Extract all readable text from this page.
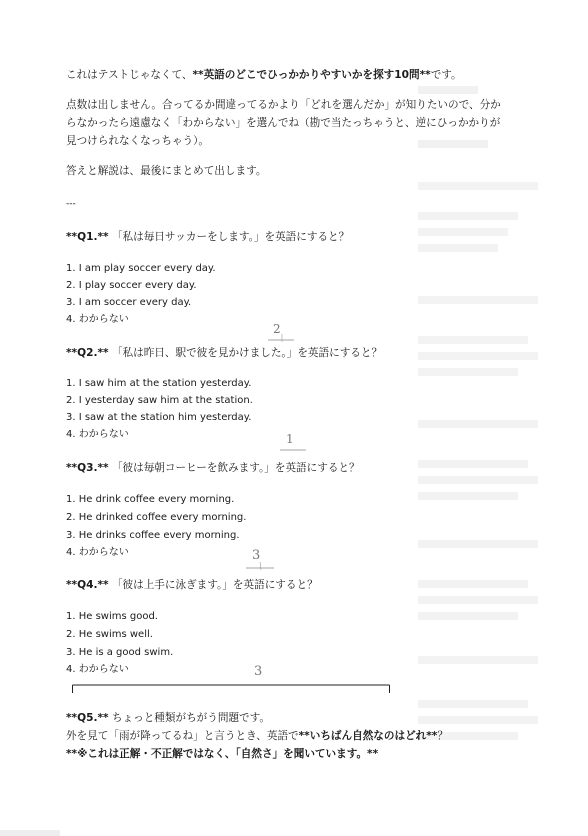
これはテストじゃなくて、**英語のどこでひっかかりやすいかを探す10問**です。
点数は出しません。合ってるか間違ってるかより「どれを選んだか」が知りたいので、分か
らなかったら遠慮なく「わからない」を選んでね（勘で当たっちゃうと、逆にひっかかりが
見つけられなくなっちゃう）。
答えと解説は、最後にまとめて出します。
---
**Q1.** 「私は毎日サッカーをします。」を英語にすると？
1. I am play soccer every day.
2. I play soccer every day.
3. I am soccer every day.
4. わからない
2
**Q2.** 「私は昨日、駅で彼を見かけました。」を英語にすると？
1. I saw him at the station yesterday.
2. I yesterday saw him at the station.
3. I saw at the station him yesterday.
4. わからない	1
**Q3.** 「彼は毎朝コーヒーを飲みます。」を英語にすると？
1. He drink coffee every morning.
2. He drinked coffee every morning.
3. He drinks coffee every morning.
4. わからない	3
**Q4.** 「彼は上手に泳ぎます。」を英語にすると？
1. He swims good.
2. He swims well.
3. He is a good swim.
4. わからない	3
**Q5.** ちょっと種類がちがう問題です。
外を見て「雨が降ってるね」と言うとき、英語で**いちばん自然なのはどれ**？
**※これは正解・不正解ではなく、「自然さ」を聞いています。**
